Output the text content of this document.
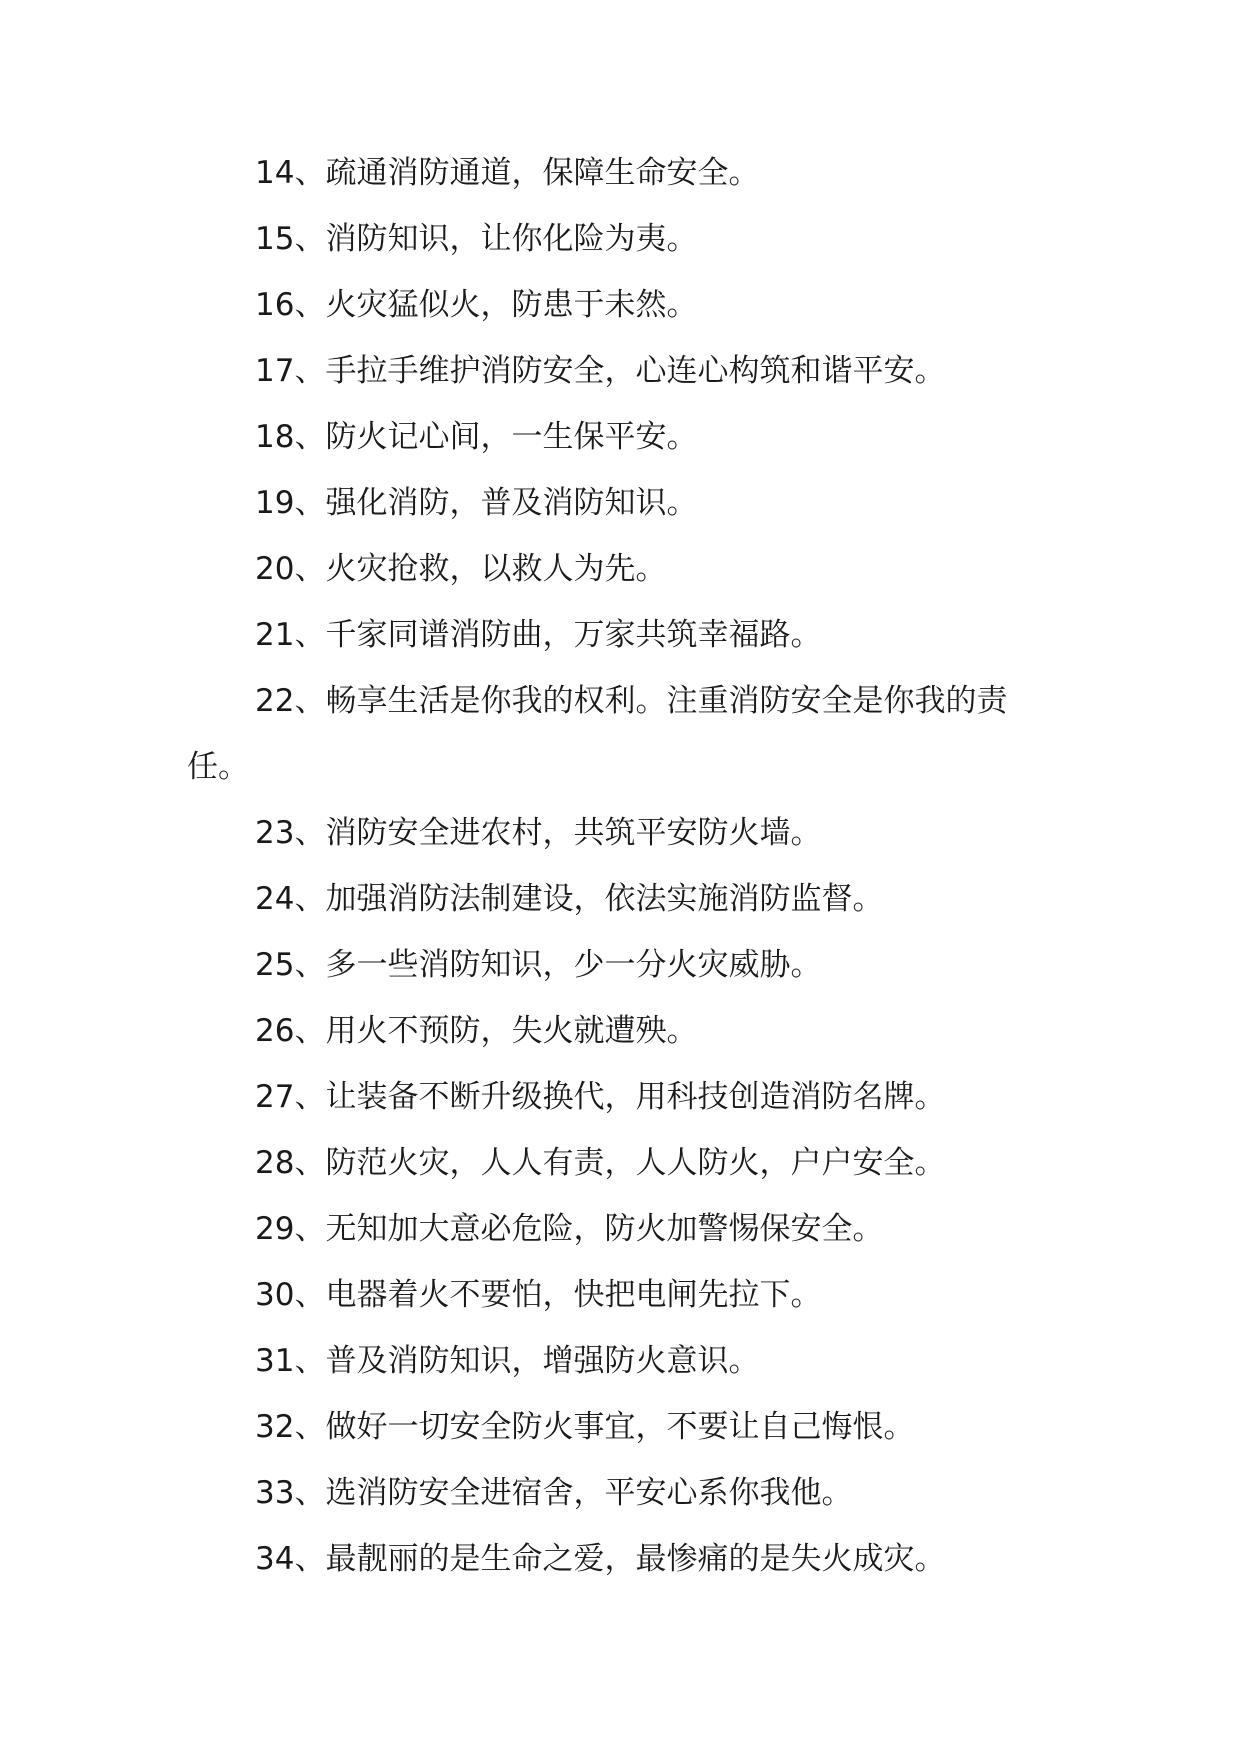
14、疏通消防通道，保障生命安全。

15、消防知识，让你化险为夷。

16、火灾猛似火，防患于未然。

17、手拉手维护消防安全，心连心构筑和谐平安。

18、防火记心间，一生保平安。

19、强化消防，普及消防知识。

20、火灾抢救，以救人为先。

21、千家同谱消防曲，万家共筑幸福路。

22、畅享生活是你我的权利。注重消防安全是你我的责任。

23、消防安全进农村，共筑平安防火墙。

24、加强消防法制建设，依法实施消防监督。

25、多一些消防知识，少一分火灾威胁。

26、用火不预防，失火就遭殃。

27、让装备不断升级换代，用科技创造消防名牌。

28、防范火灾，人人有责，人人防火，户户安全。

29、无知加大意必危险，防火加警惕保安全。

30、电器着火不要怕，快把电闸先拉下。

31、普及消防知识，增强防火意识。

32、做好一切安全防火事宜，不要让自己悔恨。

33、选消防安全进宿舍，平安心系你我他。

34、最靓丽的是生命之爱，最惨痛的是失火成灾。
